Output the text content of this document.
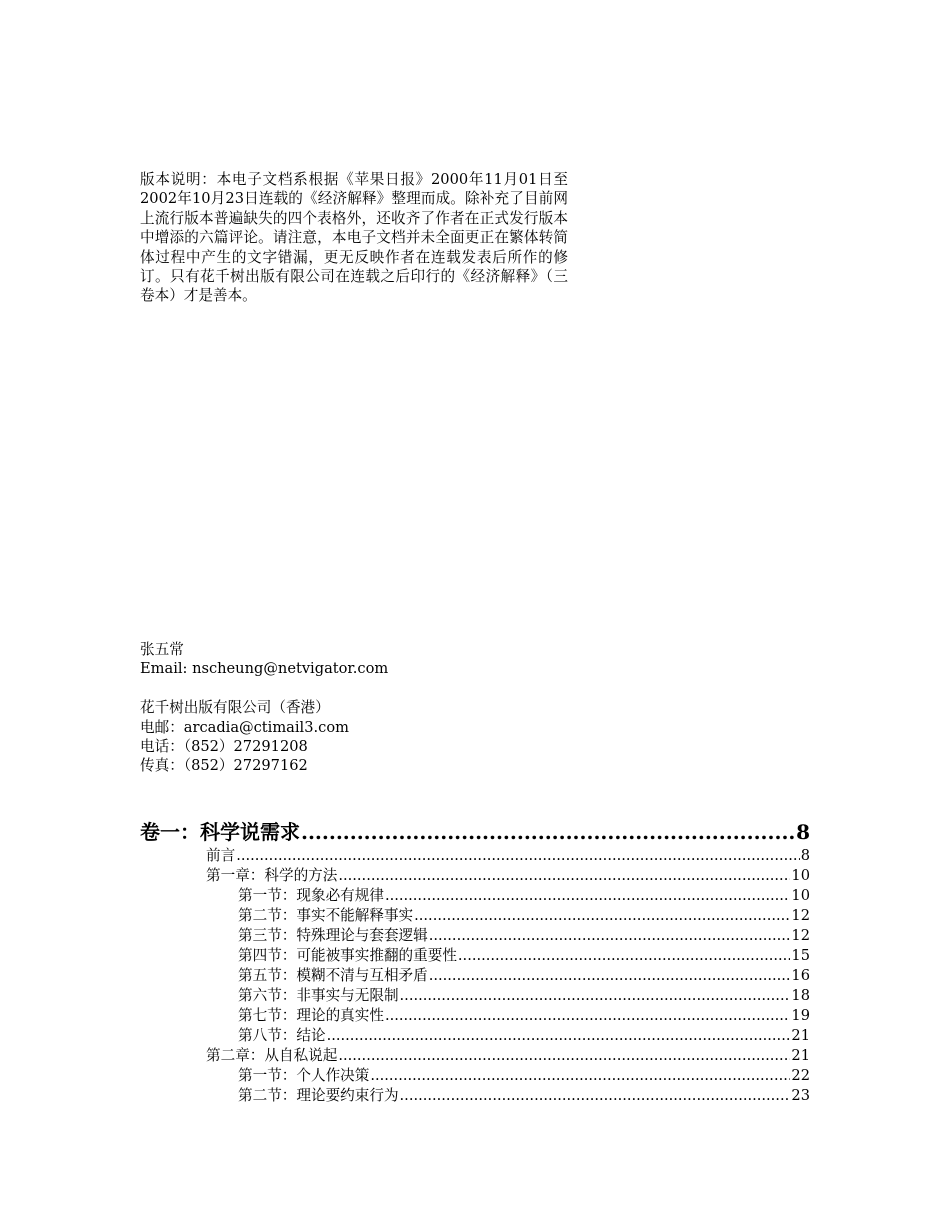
版本说明：本电子文档系根据《苹果日报》2000年11月01日至2002年10月23日连载的《经济解释》整理而成。除补充了目前网上流行版本普遍缺失的四个表格外，还收齐了作者在正式发行版本中增添的六篇评论。请注意，本电子文档并未全面更正在繁体转简体过程中产生的文字错漏，更无反映作者在连载发表后所作的修订。只有花千树出版有限公司在连载之后印行的《经济解释》（三卷本）才是善本。

张五常
Email: nscheung@netvigator.com
花千树出版有限公司（香港）
电邮：arcadia@ctimail3.com
电话：（852）27291208
传真：（852）27297162
卷一：科学说需求 .....	8
前言 .....	8
第一章：科学的方法 .....	10
第一节：现象必有规律 .....	10
第二节：事实不能解释事实 .....	12
第三节：特殊理论与套套逻辑 .....	12
第四节：可能被事实推翻的重要性 .....	15
第五节：模糊不清与互相矛盾 .....	16
第六节：非事实与无限制 .....	18
第七节：理论的真实性 .....	19
第八节：结论 .....	21
第二章：从自私说起 .....	21
第一节：个人作决策 .....	22
第二节：理论要约束行为 .....	23
